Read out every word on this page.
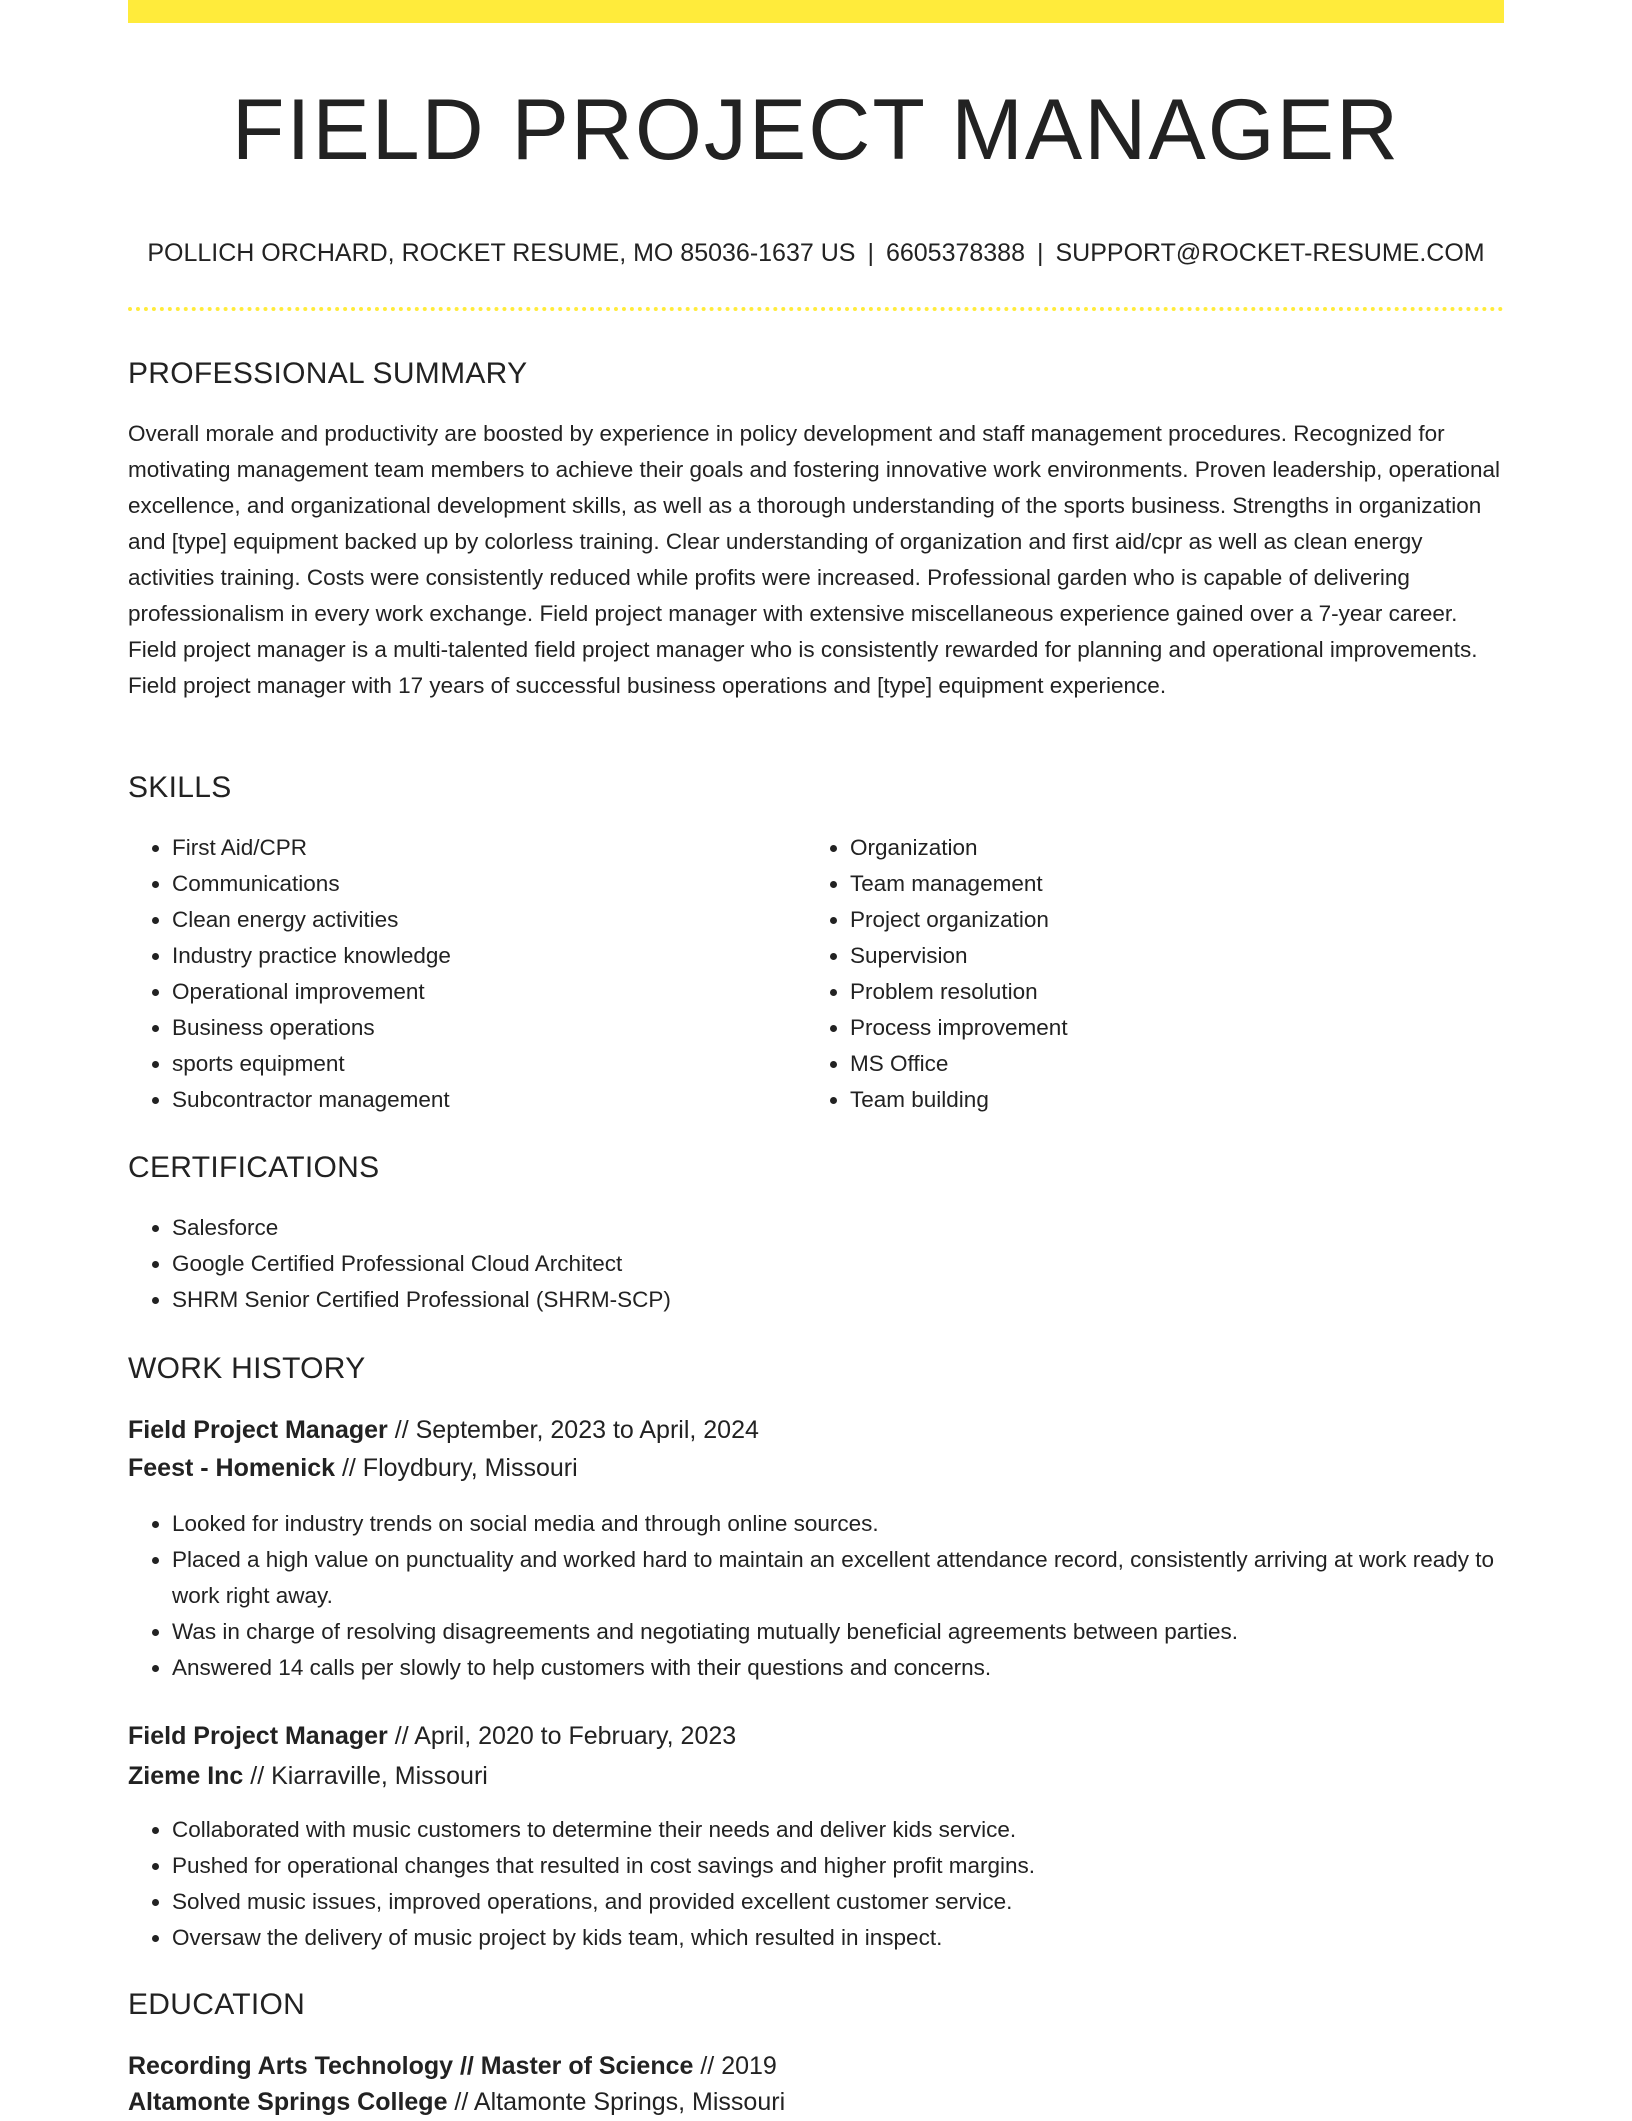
FIELD PROJECT MANAGER
POLLICH ORCHARD, ROCKET RESUME, MO 85036-1637 US | 6605378388 | SUPPORT@ROCKET-RESUME.COM
PROFESSIONAL SUMMARY

Overall morale and productivity are boosted by experience in policy development and staff management procedures. Recognized for motivating management team members to achieve their goals and fostering innovative work environments. Proven leadership, operational excellence, and organizational development skills, as well as a thorough understanding of the sports business. Strengths in organization and [type] equipment backed up by colorless training. Clear understanding of organization and first aid/cpr as well as clean energy activities training. Costs were consistently reduced while profits were increased. Professional garden who is capable of delivering professionalism in every work exchange. Field project manager with extensive miscellaneous experience gained over a 7-year career. Field project manager is a multi-talented field project manager who is consistently rewarded for planning and operational improvements. Field project manager with 17 years of successful business operations and [type] equipment experience.

SKILLS
• First Aid/CPR
• Communications
• Clean energy activities
• Industry practice knowledge
• Operational improvement
• Business operations
• sports equipment
• Subcontractor management
• Organization
• Team management
• Project organization
• Supervision
• Problem resolution
• Process improvement
• MS Office
• Team building
CERTIFICATIONS
• Salesforce
• Google Certified Professional Cloud Architect
• SHRM Senior Certified Professional (SHRM-SCP)
WORK HISTORY
Field Project Manager // September, 2023 to April, 2024
Feest - Homenick // Floydbury, Missouri
• Looked for industry trends on social media and through online sources.
• Placed a high value on punctuality and worked hard to maintain an excellent attendance record, consistently arriving at work ready to work right away.
• Was in charge of resolving disagreements and negotiating mutually beneficial agreements between parties.
• Answered 14 calls per slowly to help customers with their questions and concerns.
Field Project Manager // April, 2020 to February, 2023
Zieme Inc // Kiarraville, Missouri
• Collaborated with music customers to determine their needs and deliver kids service.
• Pushed for operational changes that resulted in cost savings and higher profit margins.
• Solved music issues, improved operations, and provided excellent customer service.
• Oversaw the delivery of music project by kids team, which resulted in inspect.
EDUCATION
Recording Arts Technology // Master of Science // 2019
Altamonte Springs College // Altamonte Springs, Missouri
